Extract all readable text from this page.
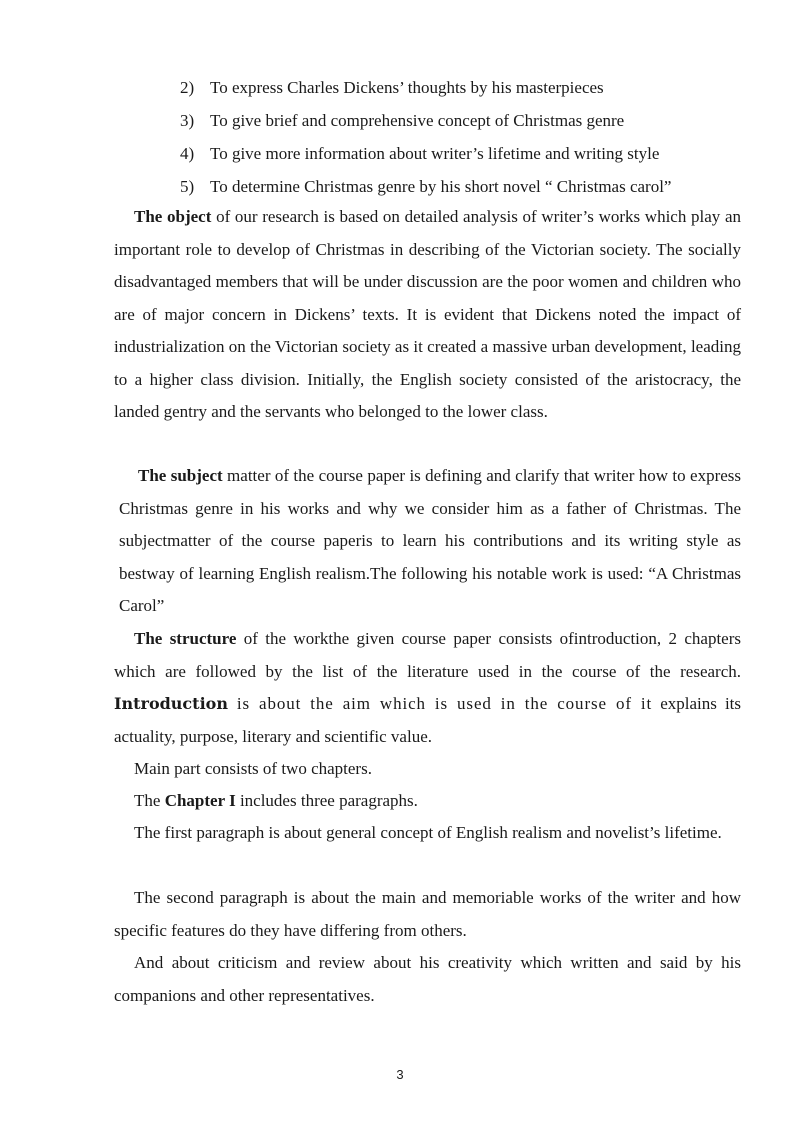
2) To express Charles Dickens’ thoughts by his masterpieces
3) To give brief and comprehensive concept of Christmas genre
4) To give more information about writer’s lifetime and writing style
5) To determine Christmas genre by his short novel “ Christmas carol”

The object of our research is based on detailed analysis of writer’s works which play an important role to develop of Christmas in describing of the Victorian society. The socially disadvantaged members that will be under discussion are the poor women and children who are of major concern in Dickens’ texts. It is evident that Dickens noted the impact of industrialization on the Victorian society as it created a massive urban development, leading to a higher class division. Initially, the English society consisted of the aristocracy, the landed gentry and the servants who belonged to the lower class.

The subject matter of the course paper is defining and clarify that writer how to express Christmas genre in his works and why we consider him as a father of Christmas. The subjectmatter of the course paperis to learn his contributions and its writing style as bestway of learning English realism.The following his notable work is used: “A Christmas Carol”

The structure of the workthe given course paper consists ofintroduction, 2 chapters which are followed by the list of the literature used in the course of the research. Introduction is about the aim which is used in the course of it explains its actuality, purpose, literary and scientific value.

Main part consists of two chapters.

The Chapter I includes three paragraphs.

The first paragraph is about general concept of English realism and novelist’s lifetime.

The second paragraph is about the main and memoriable works of the writer and how specific features do they have differing from others.

And about criticism and review about his creativity which written and said by his companions and other representatives.

3
